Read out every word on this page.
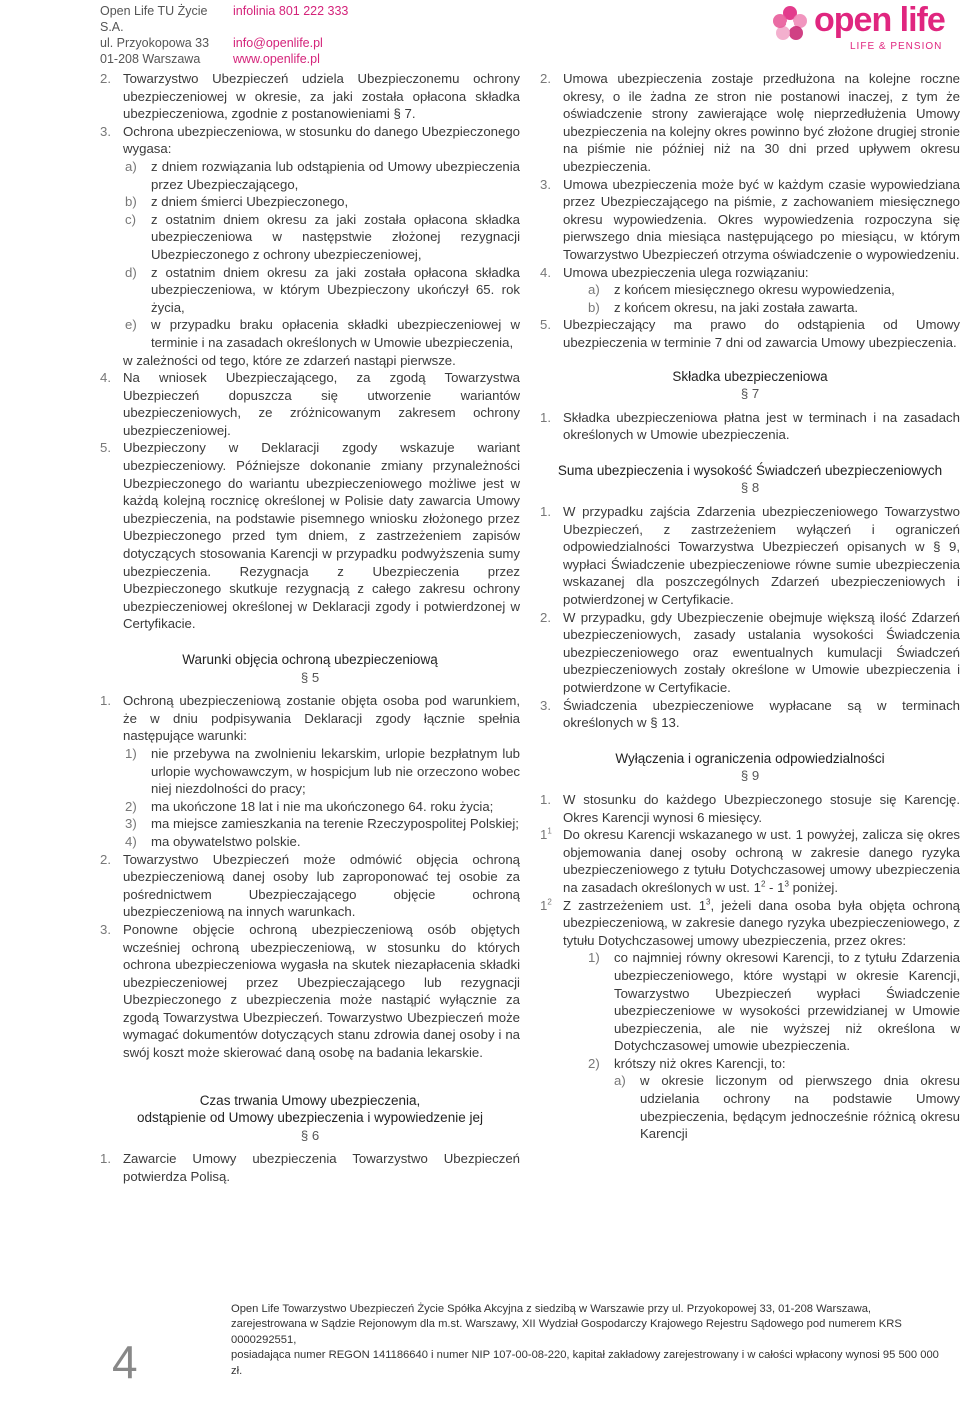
Open Life TU Życie S.A.
infolinia 801 222 333
ul. Przyokopowa 33	info@openlife.pl
01-208 Warszawa	www.openlife.pl
open life
LIFE & PENSION
2. Towarzystwo Ubezpieczeń udziela Ubezpieczonemu ochrony ubezpieczeniowej w okresie, za jaki została opłacona składka ubezpieczeniowa, zgodnie z postanowieniami § 7.
3. Ochrona ubezpieczeniowa, w stosunku do danego Ubezpieczonego wygasa:
a)	z dniem rozwiązania lub odstąpienia od Umowy ubezpieczenia przez Ubezpieczającego,
b)	z dniem śmierci Ubezpieczonego,
c)	z ostatnim dniem okresu za jaki została opłacona składka ubezpieczeniowa w następstwie złożonej rezygnacji Ubezpieczonego z ochrony ubezpieczeniowej,
d)	z ostatnim dniem okresu za jaki została opłacona składka ubezpieczeniowa, w którym Ubezpieczony ukończył 65. rok życia,
e)	w przypadku braku opłacenia składki ubezpieczeniowej w terminie i na zasadach określonych w Umowie ubezpieczenia,
w zależności od tego, które ze zdarzeń nastąpi pierwsze.
4. Na wniosek Ubezpieczającego, za zgodą Towarzystwa Ubezpieczeń dopuszcza się utworzenie wariantów ubezpieczeniowych, ze zróżnicowanym zakresem ochrony ubezpieczeniowej.
5. Ubezpieczony w Deklaracji zgody wskazuje wariant ubezpieczeniowy. Późniejsze dokonanie zmiany przynależności Ubezpieczonego do wariantu ubezpieczeniowego możliwe jest w każdą kolejną rocznicę określonej w Polisie daty zawarcia Umowy ubezpieczenia, na podstawie pisemnego wniosku złożonego przez Ubezpieczonego przed tym dniem, z zastrzeżeniem zapisów dotyczących stosowania Karencji w przypadku podwyższenia sumy ubezpieczenia. Rezygnacja z Ubezpieczenia przez Ubezpieczonego skutkuje rezygnacją z całego zakresu ochrony ubezpieczeniowej określonej w Deklaracji zgody i potwierdzonej w Certyfikacie.
Warunki objęcia ochroną ubezpieczeniową
§ 5
1. Ochroną ubezpieczeniową zostanie objęta osoba pod warunkiem, że w dniu podpisywania Deklaracji zgody łącznie spełnia następujące warunki:
1)	nie przebywa na zwolnieniu lekarskim, urlopie bezpłatnym lub urlopie wychowawczym, w hospicjum lub nie orzeczono wobec niej niezdolności do pracy;
2)	ma ukończone 18 lat i nie ma ukończonego 64. roku życia;
3)	ma miejsce zamieszkania na terenie Rzeczypospolitej Polskiej;
4)	ma obywatelstwo polskie.
2. Towarzystwo Ubezpieczeń może odmówić objęcia ochroną ubezpieczeniową danej osoby lub zaproponować tej osobie za pośrednictwem Ubezpieczającego objęcie ochroną ubezpieczeniową na innych warunkach.
3. Ponowne objęcie ochroną ubezpieczeniową osób objętych wcześniej ochroną ubezpieczeniową, w stosunku do których ochrona ubezpieczeniowa wygasła na skutek niezapłacenia składki ubezpieczeniowej przez Ubezpieczającego lub rezygnacji Ubezpieczonego z ubezpieczenia może nastąpić wyłącznie za zgodą Towarzystwa Ubezpieczeń. Towarzystwo Ubezpieczeń może wymagać dokumentów dotyczących stanu zdrowia danej osoby i na swój koszt może skierować daną osobę na badania lekarskie.
Czas trwania Umowy ubezpieczenia,
odstąpienie od Umowy ubezpieczenia i wypowiedzenie jej
§ 6
1. Zawarcie Umowy ubezpieczenia Towarzystwo Ubezpieczeń potwierdza Polisą.
2. Umowa ubezpieczenia zostaje przedłużona na kolejne roczne okresy, o ile żadna ze stron nie postanowi inaczej, z tym że oświadczenie strony zawierające wolę nieprzedłużenia Umowy ubezpieczenia na kolejny okres powinno być złożone drugiej stronie na piśmie nie później niż na 30 dni przed upływem okresu ubezpieczenia.
3. Umowa ubezpieczenia może być w każdym czasie wypowiedziana przez Ubezpieczającego na piśmie, z zachowaniem miesięcznego okresu wypowiedzenia. Okres wypowiedzenia rozpoczyna się pierwszego dnia miesiąca następującego po miesiącu, w którym Towarzystwo Ubezpieczeń otrzyma oświadczenie o wypowiedzeniu.
4. Umowa ubezpieczenia ulega rozwiązaniu:
a)	z końcem miesięcznego okresu wypowiedzenia,
b)	z końcem okresu, na jaki została zawarta.
5. Ubezpieczający ma prawo do odstąpienia od Umowy ubezpieczenia w terminie 7 dni od zawarcia Umowy ubezpieczenia.
Składka ubezpieczeniowa
§ 7
1. Składka ubezpieczeniowa płatna jest w terminach i na zasadach określonych w Umowie ubezpieczenia.
Suma ubezpieczenia i wysokość Świadczeń ubezpieczeniowych
§ 8
1. W przypadku zajścia Zdarzenia ubezpieczeniowego Towarzystwo Ubezpieczeń, z zastrzeżeniem wyłączeń i ograniczeń odpowiedzialności Towarzystwa Ubezpieczeń opisanych w § 9, wypłaci Świadczenie ubezpieczeniowe równe sumie ubezpieczenia wskazanej dla poszczególnych Zdarzeń ubezpieczeniowych i potwierdzonej w Certyfikacie.
2. W przypadku, gdy Ubezpieczenie obejmuje większą ilość Zdarzeń ubezpieczeniowych, zasady ustalania wysokości Świadczenia ubezpieczeniowego oraz ewentualnych kumulacji Świadczeń ubezpieczeniowych zostały określone w Umowie ubezpieczenia i potwierdzone w Certyfikacie.
3. Świadczenia ubezpieczeniowe wypłacane są w terminach określonych w § 13.
Wyłączenia i ograniczenia odpowiedzialności
§ 9
1. W stosunku do każdego Ubezpieczonego stosuje się Karencję. Okres Karencji wynosi 6 miesięcy.
$1^1$ Do okresu Karencji wskazanego w ust. 1 powyżej, zalicza się okres objemowania danej osoby ochroną w zakresie danego ryzyka ubezpieczeniowego z tytułu Dotychczasowej umowy ubezpieczenia na zasadach określonych w ust. $1^2 - 1^3$ poniżej.
$1^2$ Z zastrzeżeniem ust. $1^3$, jeżeli dana osoba była objęta ochroną ubezpieczeniową, w zakresie danego ryzyka ubezpieczeniowego, z tytułu Dotychczasowej umowy ubezpieczenia, przez okres:
1)	co najmniej równy okresowi Karencji, to z tytułu Zdarzenia ubezpieczeniowego, które wystąpi w okresie Karencji, Towarzystwo Ubezpieczeń wypłaci Świadczenie ubezpieczeniowe w wysokości przewidzianej w Umowie ubezpieczenia, ale nie wyższej niż określona w Dotychczasowej umowie ubezpieczenia.
2)	krótszy niż okres Karencji, to:
a)	w okresie liczonym od pierwszego dnia okresu udzielania ochrony na podstawie Umowy ubezpieczenia, będącym jednocześnie różnicą okresu Karencji
4
Open Life Towarzystwo Ubezpieczeń Życie Spółka Akcyjna z siedzibą w Warszawie przy ul. Przyokopowej 33, 01-208 Warszawa,
zarejestrowana w Sądzie Rejonowym dla m.st. Warszawy, XII Wydział Gospodarczy Krajowego Rejestru Sądowego pod numerem KRS 0000292551,
posiadająca numer REGON 141186640 i numer NIP 107-00-08-220, kapitał zakładowy zarejestrowany i w całości wpłacony wynosi 95 500 000 zł.
